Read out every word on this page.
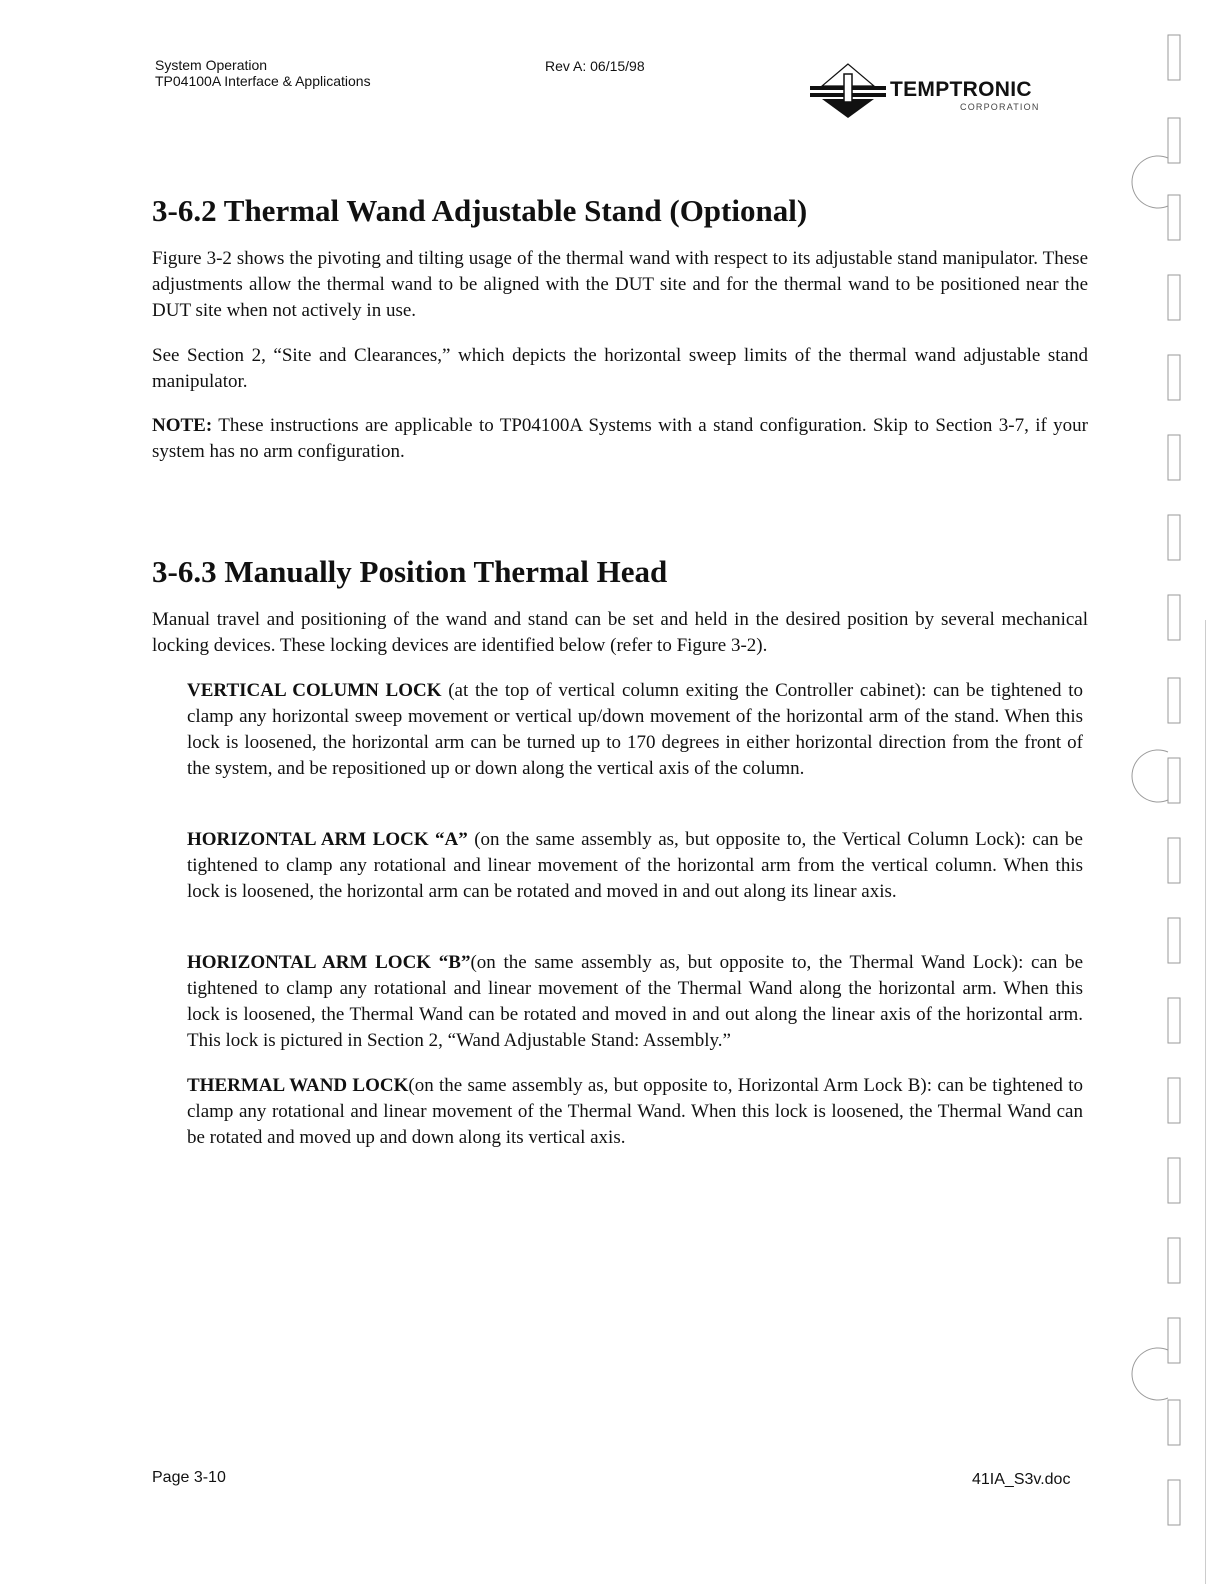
System Operation
TP04100A Interface & Applications
Rev A: 06/15/98
TEMPTRONIC
CORPORATION
3-6.2 Thermal Wand Adjustable Stand (Optional)

Figure 3-2 shows the pivoting and tilting usage of the thermal wand with respect to its adjustable stand manipulator. These adjustments allow the thermal wand to be aligned with the DUT site and for the thermal wand to be positioned near the DUT site when not actively in use.

See Section 2, “Site and Clearances,” which depicts the horizontal sweep limits of the thermal wand adjustable stand manipulator.

NOTE: These instructions are applicable to TP04100A Systems with a stand configuration. Skip to Section 3-7, if your system has no arm configuration.

3-6.3 Manually Position Thermal Head

Manual travel and positioning of the wand and stand can be set and held in the desired position by several mechanical locking devices. These locking devices are identified below (refer to Figure 3-2).

VERTICAL COLUMN LOCK (at the top of vertical column exiting the Controller cabinet): can be tightened to clamp any horizontal sweep movement or vertical up/down movement of the horizontal arm of the stand. When this lock is loosened, the horizontal arm can be turned up to 170 degrees in either horizontal direction from the front of the system, and be repositioned up or down along the vertical axis of the column.

HORIZONTAL ARM LOCK “A” (on the same assembly as, but opposite to, the Vertical Column Lock): can be tightened to clamp any rotational and linear movement of the horizontal arm from the vertical column. When this lock is loosened, the horizontal arm can be rotated and moved in and out along its linear axis.

HORIZONTAL ARM LOCK “B”(on the same assembly as, but opposite to, the Thermal Wand Lock): can be tightened to clamp any rotational and linear movement of the Thermal Wand along the horizontal arm. When this lock is loosened, the Thermal Wand can be rotated and moved in and out along the linear axis of the horizontal arm. This lock is pictured in Section 2, “Wand Adjustable Stand: Assembly.”

THERMAL WAND LOCK(on the same assembly as, but opposite to, Horizontal Arm Lock B): can be tightened to clamp any rotational and linear movement of the Thermal Wand. When this lock is loosened, the Thermal Wand can be rotated and moved up and down along its vertical axis.

Page 3-10	41IA_S3v.doc
